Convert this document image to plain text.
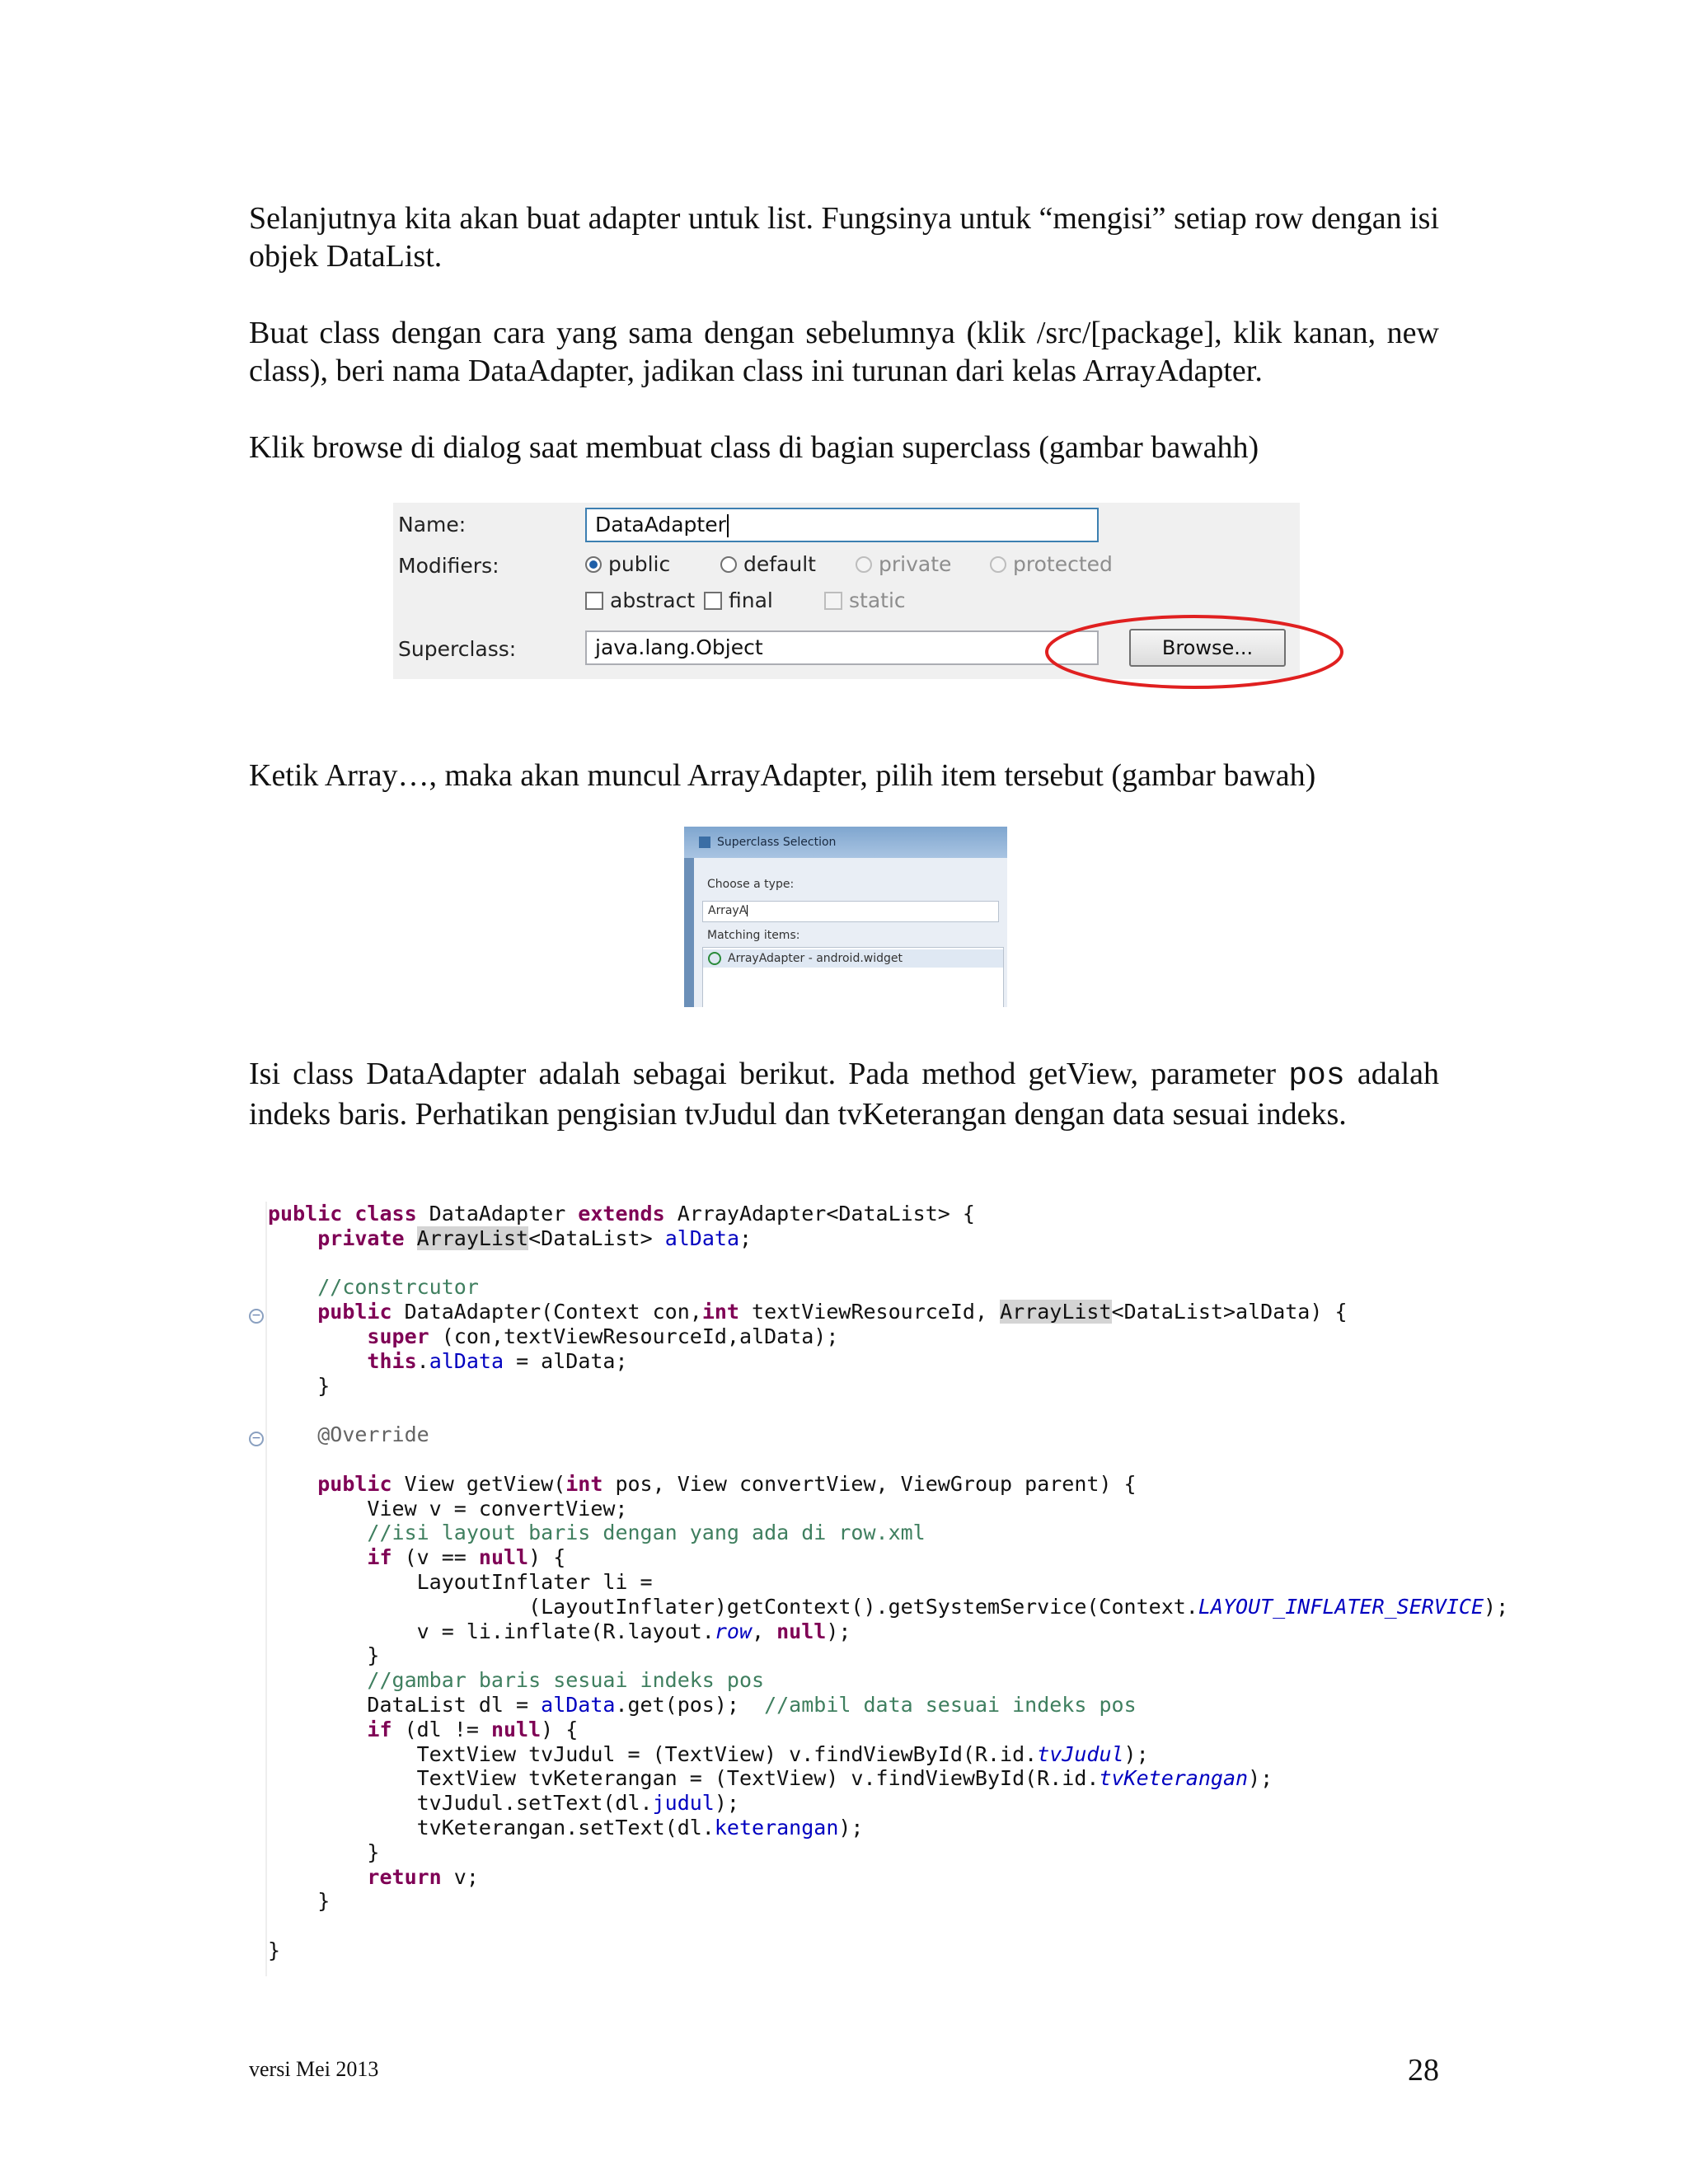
Selanjutnya kita akan buat adapter untuk list. Fungsinya untuk “mengisi” setiap row dengan isi objek DataList.
Buat class dengan cara yang sama dengan sebelumnya (klik /src/[package], klik kanan, new class), beri nama DataAdapter, jadikan class ini turunan dari kelas ArrayAdapter.
Klik browse di dialog saat membuat class di bagian superclass (gambar bawahh)
Name:	DataAdapter
Modifiers:	public	default	private	protected
abstract final	static
Superclass:	java.lang.Object	Browse...
Ketik Array…, maka akan muncul ArrayAdapter, pilih item tersebut (gambar bawah)
Superclass Selection
Choose a type:
ArrayA
Matching items:
ArrayAdapter - android.widget
Isi class DataAdapter adalah sebagai berikut. Pada method getView, parameter pos adalah indeks baris. Perhatikan pengisian tvJudul dan tvKeterangan dengan data sesuai indeks.
−
−
public class DataAdapter extends ArrayAdapter<DataList> {
private ArrayList<DataList> alData;

//constrcutor
public DataAdapter(Context con,int textViewResourceId, ArrayList<DataList>alData) {
super (con,textViewResourceId,alData);
this.alData = alData;
}

@Override

public View getView(int pos, View convertView, ViewGroup parent) {
View v = convertView;
//isi layout baris dengan yang ada di row.xml
if (v == null) {
LayoutInflater li =
(LayoutInflater)getContext().getSystemService(Context.LAYOUT_INFLATER_SERVICE);
v = li.inflate(R.layout.row, null);
}
//gambar baris sesuai indeks pos
DataList dl = alData.get(pos);  //ambil data sesuai indeks pos
if (dl != null) {
TextView tvJudul = (TextView) v.findViewById(R.id.tvJudul);
TextView tvKeterangan = (TextView) v.findViewById(R.id.tvKeterangan);
tvJudul.setText(dl.judul);
tvKeterangan.setText(dl.keterangan);
}
return v;
}

}
versi Mei 2013	28
